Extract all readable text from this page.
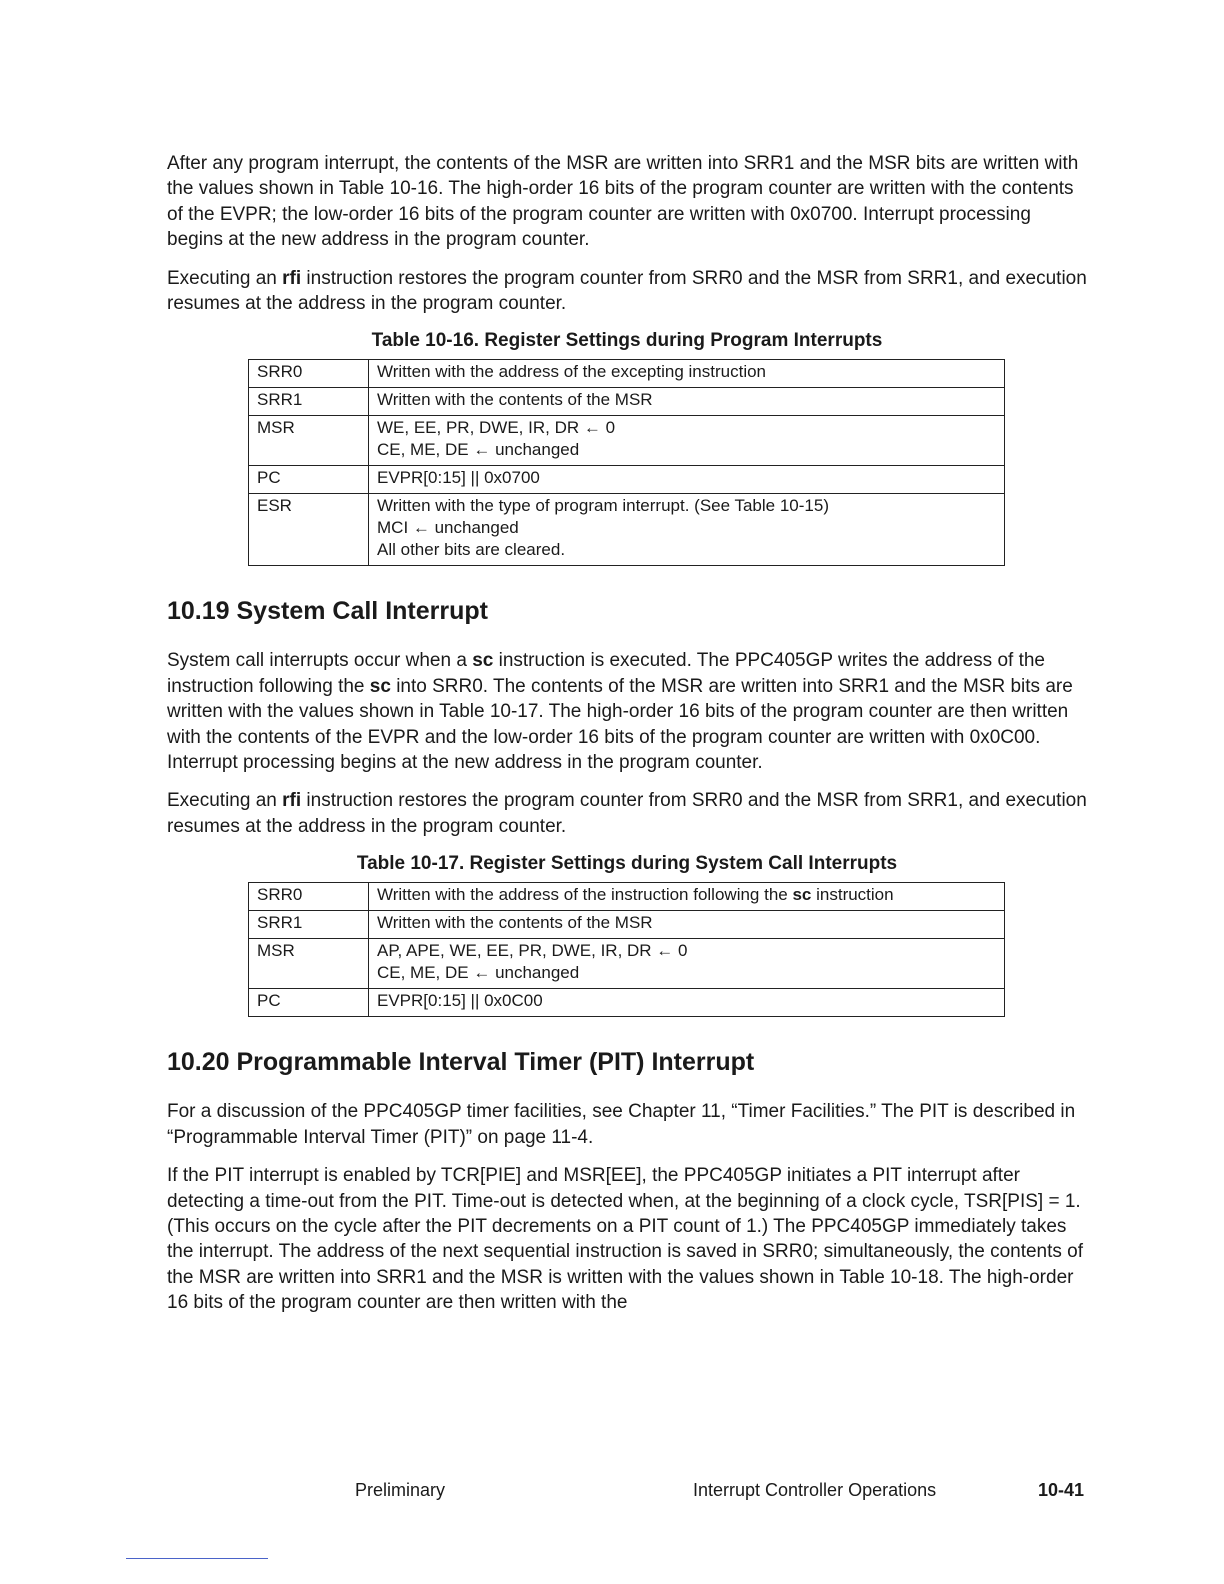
After any program interrupt, the contents of the MSR are written into SRR1 and the MSR bits are written with the values shown in Table 10-16. The high-order 16 bits of the program counter are written with the contents of the EVPR; the low-order 16 bits of the program counter are written with 0x0700. Interrupt processing begins at the new address in the program counter.

Executing an rfi instruction restores the program counter from SRR0 and the MSR from SRR1, and execution resumes at the address in the program counter.

Table 10-16. Register Settings during Program Interrupts
SRR0	Written with the address of the excepting instruction

SRR1	Written with the contents of the MSR

MSR	WE, EE, PR, DWE, IR, DR ← 0
CE, ME, DE ← unchanged

PC	EVPR[0:15] || 0x0700

ESR	Written with the type of program interrupt. (See Table 10-15)
MCI ← unchanged
All other bits are cleared.
10.19 System Call Interrupt

System call interrupts occur when a sc instruction is executed. The PPC405GP writes the address of the instruction following the sc into SRR0. The contents of the MSR are written into SRR1 and the MSR bits are written with the values shown in Table 10-17. The high-order 16 bits of the program counter are then written with the contents of the EVPR and the low-order 16 bits of the program counter are written with 0x0C00. Interrupt processing begins at the new address in the program counter.

Executing an rfi instruction restores the program counter from SRR0 and the MSR from SRR1, and execution resumes at the address in the program counter.

Table 10-17. Register Settings during System Call Interrupts
SRR0	Written with the address of the instruction following the sc instruction
SRR1	Written with the contents of the MSR

MSR	AP, APE, WE, EE, PR, DWE, IR, DR ← 0
CE, ME, DE ← unchanged

PC	EVPR[0:15] || 0x0C00
10.20 Programmable Interval Timer (PIT) Interrupt

For a discussion of the PPC405GP timer facilities, see Chapter 11, “Timer Facilities.” The PIT is described in “Programmable Interval Timer (PIT)” on page 11-4.

If the PIT interrupt is enabled by TCR[PIE] and MSR[EE], the PPC405GP initiates a PIT interrupt after detecting a time-out from the PIT. Time-out is detected when, at the beginning of a clock cycle, TSR[PIS] = 1. (This occurs on the cycle after the PIT decrements on a PIT count of 1.) The PPC405GP immediately takes the interrupt. The address of the next sequential instruction is saved in SRR0; simultaneously, the contents of the MSR are written into SRR1 and the MSR is written with the values shown in Table 10-18. The high-order 16 bits of the program counter are then written with the

Preliminary	Interrupt Controller Operations	10-41
